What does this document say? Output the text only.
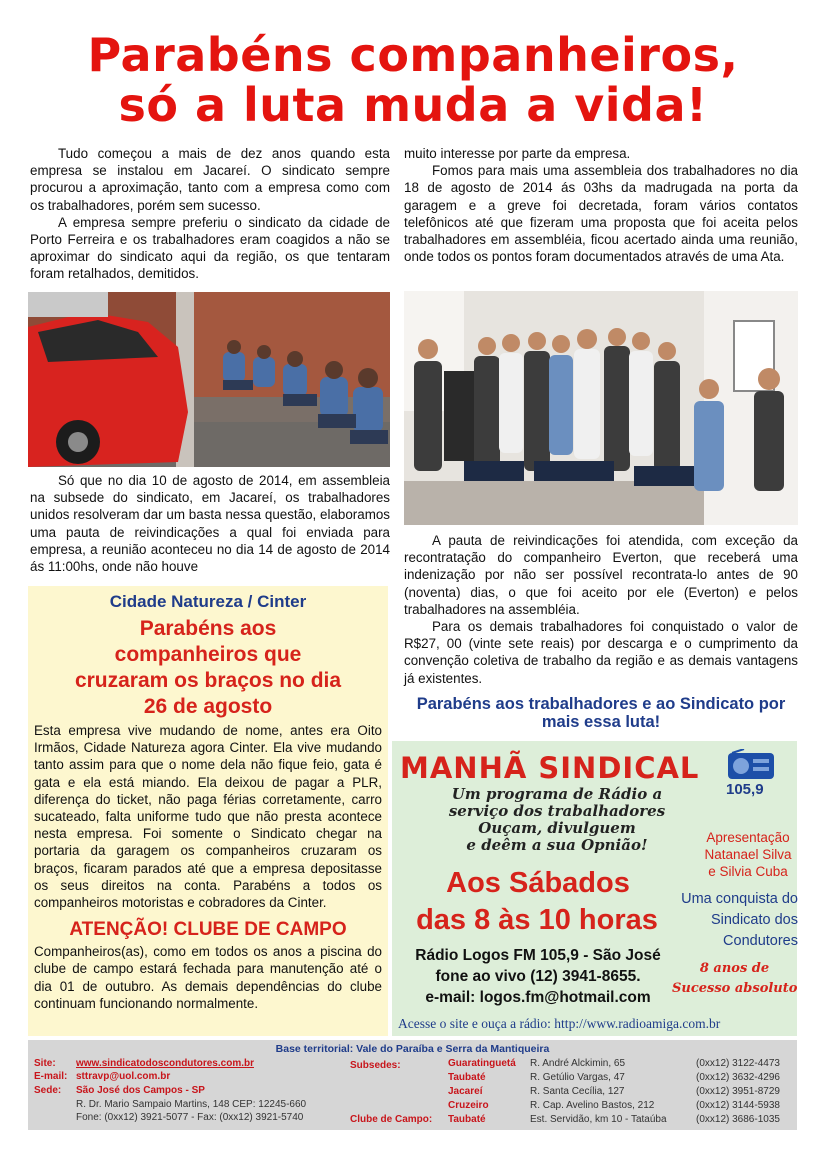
Parabéns companheiros,
só a luta muda a vida!

Tudo começou a mais de dez anos quando esta empresa se instalou em Jacareí. O sindicato sempre procurou a aproximação, tanto com a empresa como com os trabalhadores, porém sem sucesso.

A empresa sempre preferiu o sindicato da cidade de Porto Ferreira e os trabalhadores eram coagidos a não se aproximar do sindicato aqui da região, os que tentaram foram retalhados, demitidos.

Só que no dia 10 de agosto de 2014, em assembleia na subsede do sindicato, em Jacareí, os trabalhadores unidos resolveram dar um basta nessa questão, elaboramos uma pauta de reivindicações a qual foi enviada para empresa, a reunião aconteceu no dia 14 de agosto de 2014 ás 11:00hs, onde não houve

muito interesse por parte da empresa.

Fomos para mais uma assembleia dos trabalhadores no dia 18 de agosto de 2014 ás 03hs da madrugada na porta da garagem e a greve foi decretada, foram vários contatos telefônicos até que fizeram uma proposta que foi aceita pelos trabalhadores em assembléia, ficou acertado ainda uma reunião, onde todos os pontos foram documentados através de uma Ata.

A pauta de reivindicações foi atendida, com exceção da recontratação do companheiro Everton, que receberá uma indenização por não ser possível recontrata-lo antes de 90 (noventa) dias, o que foi aceito por ele (Everton) e pelos trabalhadores na assembléia.

Para os demais trabalhadores foi conquistado o valor de R$27, 00 (vinte sete reais) por descarga e o cumprimento da convenção coletiva de trabalho da região e as demais vantagens já existentes.

Parabéns aos trabalhadores e ao Sindicato por mais essa luta!
Cidade Natureza / Cinter
Parabéns aos companheiros que cruzaram os braços no dia 26 de agosto
Esta empresa vive mudando de nome, antes era Oito Irmãos, Cidade Natureza agora Cinter. Ela vive mudando tanto assim para que o nome dela não fique feio, gata é gata e ela está miando. Ela deixou de pagar a PLR, diferença do ticket, não paga férias corretamente, carro sucateado, falta uniforme tudo que não presta acontece nesta empresa. Foi somente o Sindicato chegar na portaria da garagem os companheiros cruzaram os braços, ficaram parados até que a empresa depositasse os seus direitos na conta. Parabéns a todos os companheiros motoristas e cobradores da Cinter.
ATENÇÃO! CLUBE DE CAMPO
Companheiros(as), como em todos os anos a piscina do clube de campo estará fechada para manutenção até o dia 01 de outubro. As demais dependências do clube continuam funcionando normalmente.
MANHÃ SINDICAL
105,9
Um programa de Rádio a
serviço dos trabalhadores
Ouçam, divulguem
e deêm a sua Opnião!	Apresentação
Natanael Silva
e Silvia Cuba
Aos Sábados
das 8 às 10 horas
Uma conquista do
Sindicato dos
Condutores
Rádio Logos FM 105,9 - São José
fone ao vivo (12) 3941-8655.
e-mail: logos.fm@hotmail.com
8 anos de
Sucesso absoluto
Acesse o site e ouça a rádio: http://www.radioamiga.com.br
Base territorial: Vale do Paraíba e Serra da Mantiqueira
Site: www.sindicatodoscondutores.com.br
E-mail: sttravp@uol.com.br
Sede: São José dos Campos - SP
R. Dr. Mario Sampaio Martins, 148 CEP: 12245-660
Fone: (0xx12) 3921-5077 - Fax: (0xx12) 3921-5740
Subsedes:
Clube de Campo:
Guaratinguetá
Taubaté
Jacareí
Cruzeiro
Taubaté
R. André Alckimin, 65
R. Getúlio Vargas, 47
R. Santa Cecília, 127
R. Cap. Avelino Bastos, 212
Est. Servidão, km 10 - Tataúba
(0xx12) 3122-4473
(0xx12) 3632-4296
(0xx12) 3951-8729
(0xx12) 3144-5938
(0xx12) 3686-1035
